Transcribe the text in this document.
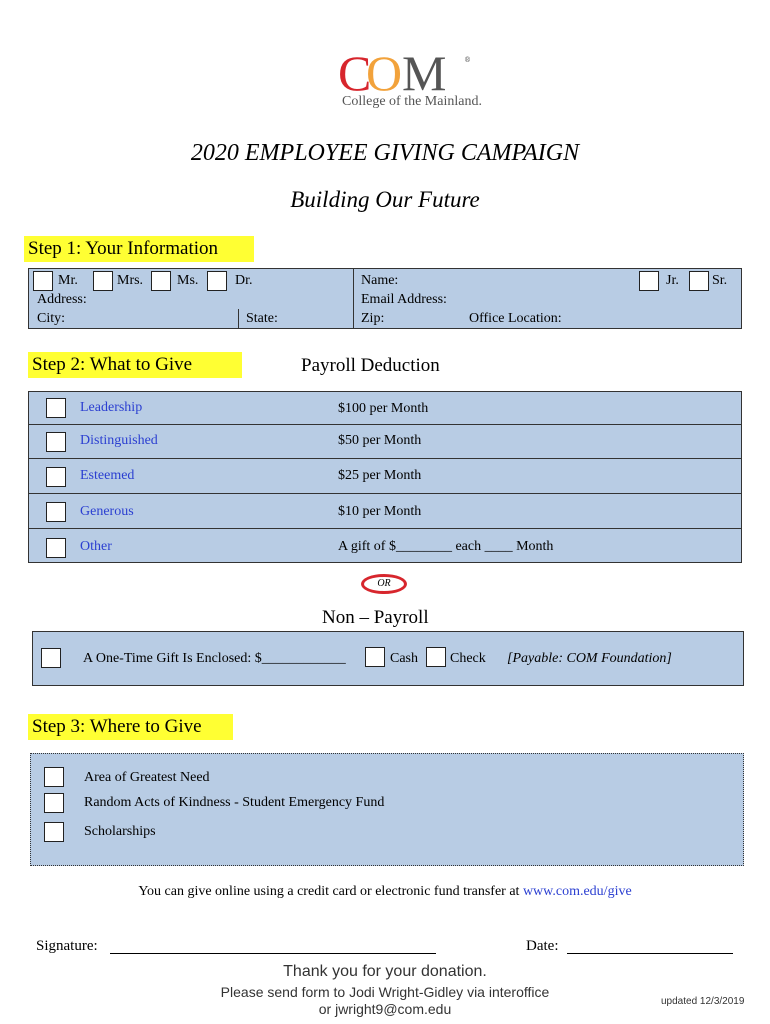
C O M	®
College of the Mainland.
2020 EMPLOYEE GIVING CAMPAIGN
Building Our Future
Step 1: Your Information
Mr.	Mrs. Ms.	Dr.	Name:	Jr. Sr.
Address:	Email Address:
City:	State:	Zip:	Office Location:
Step 2: What to Give	Payroll Deduction
Leadership	$100 per Month
Distinguished	$50 per Month
Esteemed	$25 per Month
Generous	$10 per Month
Other	A gift of $________ each ____ Month
OR
Non – Payroll
A One-Time Gift Is Enclosed: $____________	Cash Check [Payable: COM Foundation]
Step 3: Where to Give
Area of Greatest Need
Random Acts of Kindness - Student Emergency Fund
Scholarships
You can give online using a credit card or electronic fund transfer at www.com.edu/give
Signature:	Date:
Thank you for your donation.
Please send form to Jodi Wright-Gidley via interoffice
or jwright9@com.edu	updated 12/3/2019
